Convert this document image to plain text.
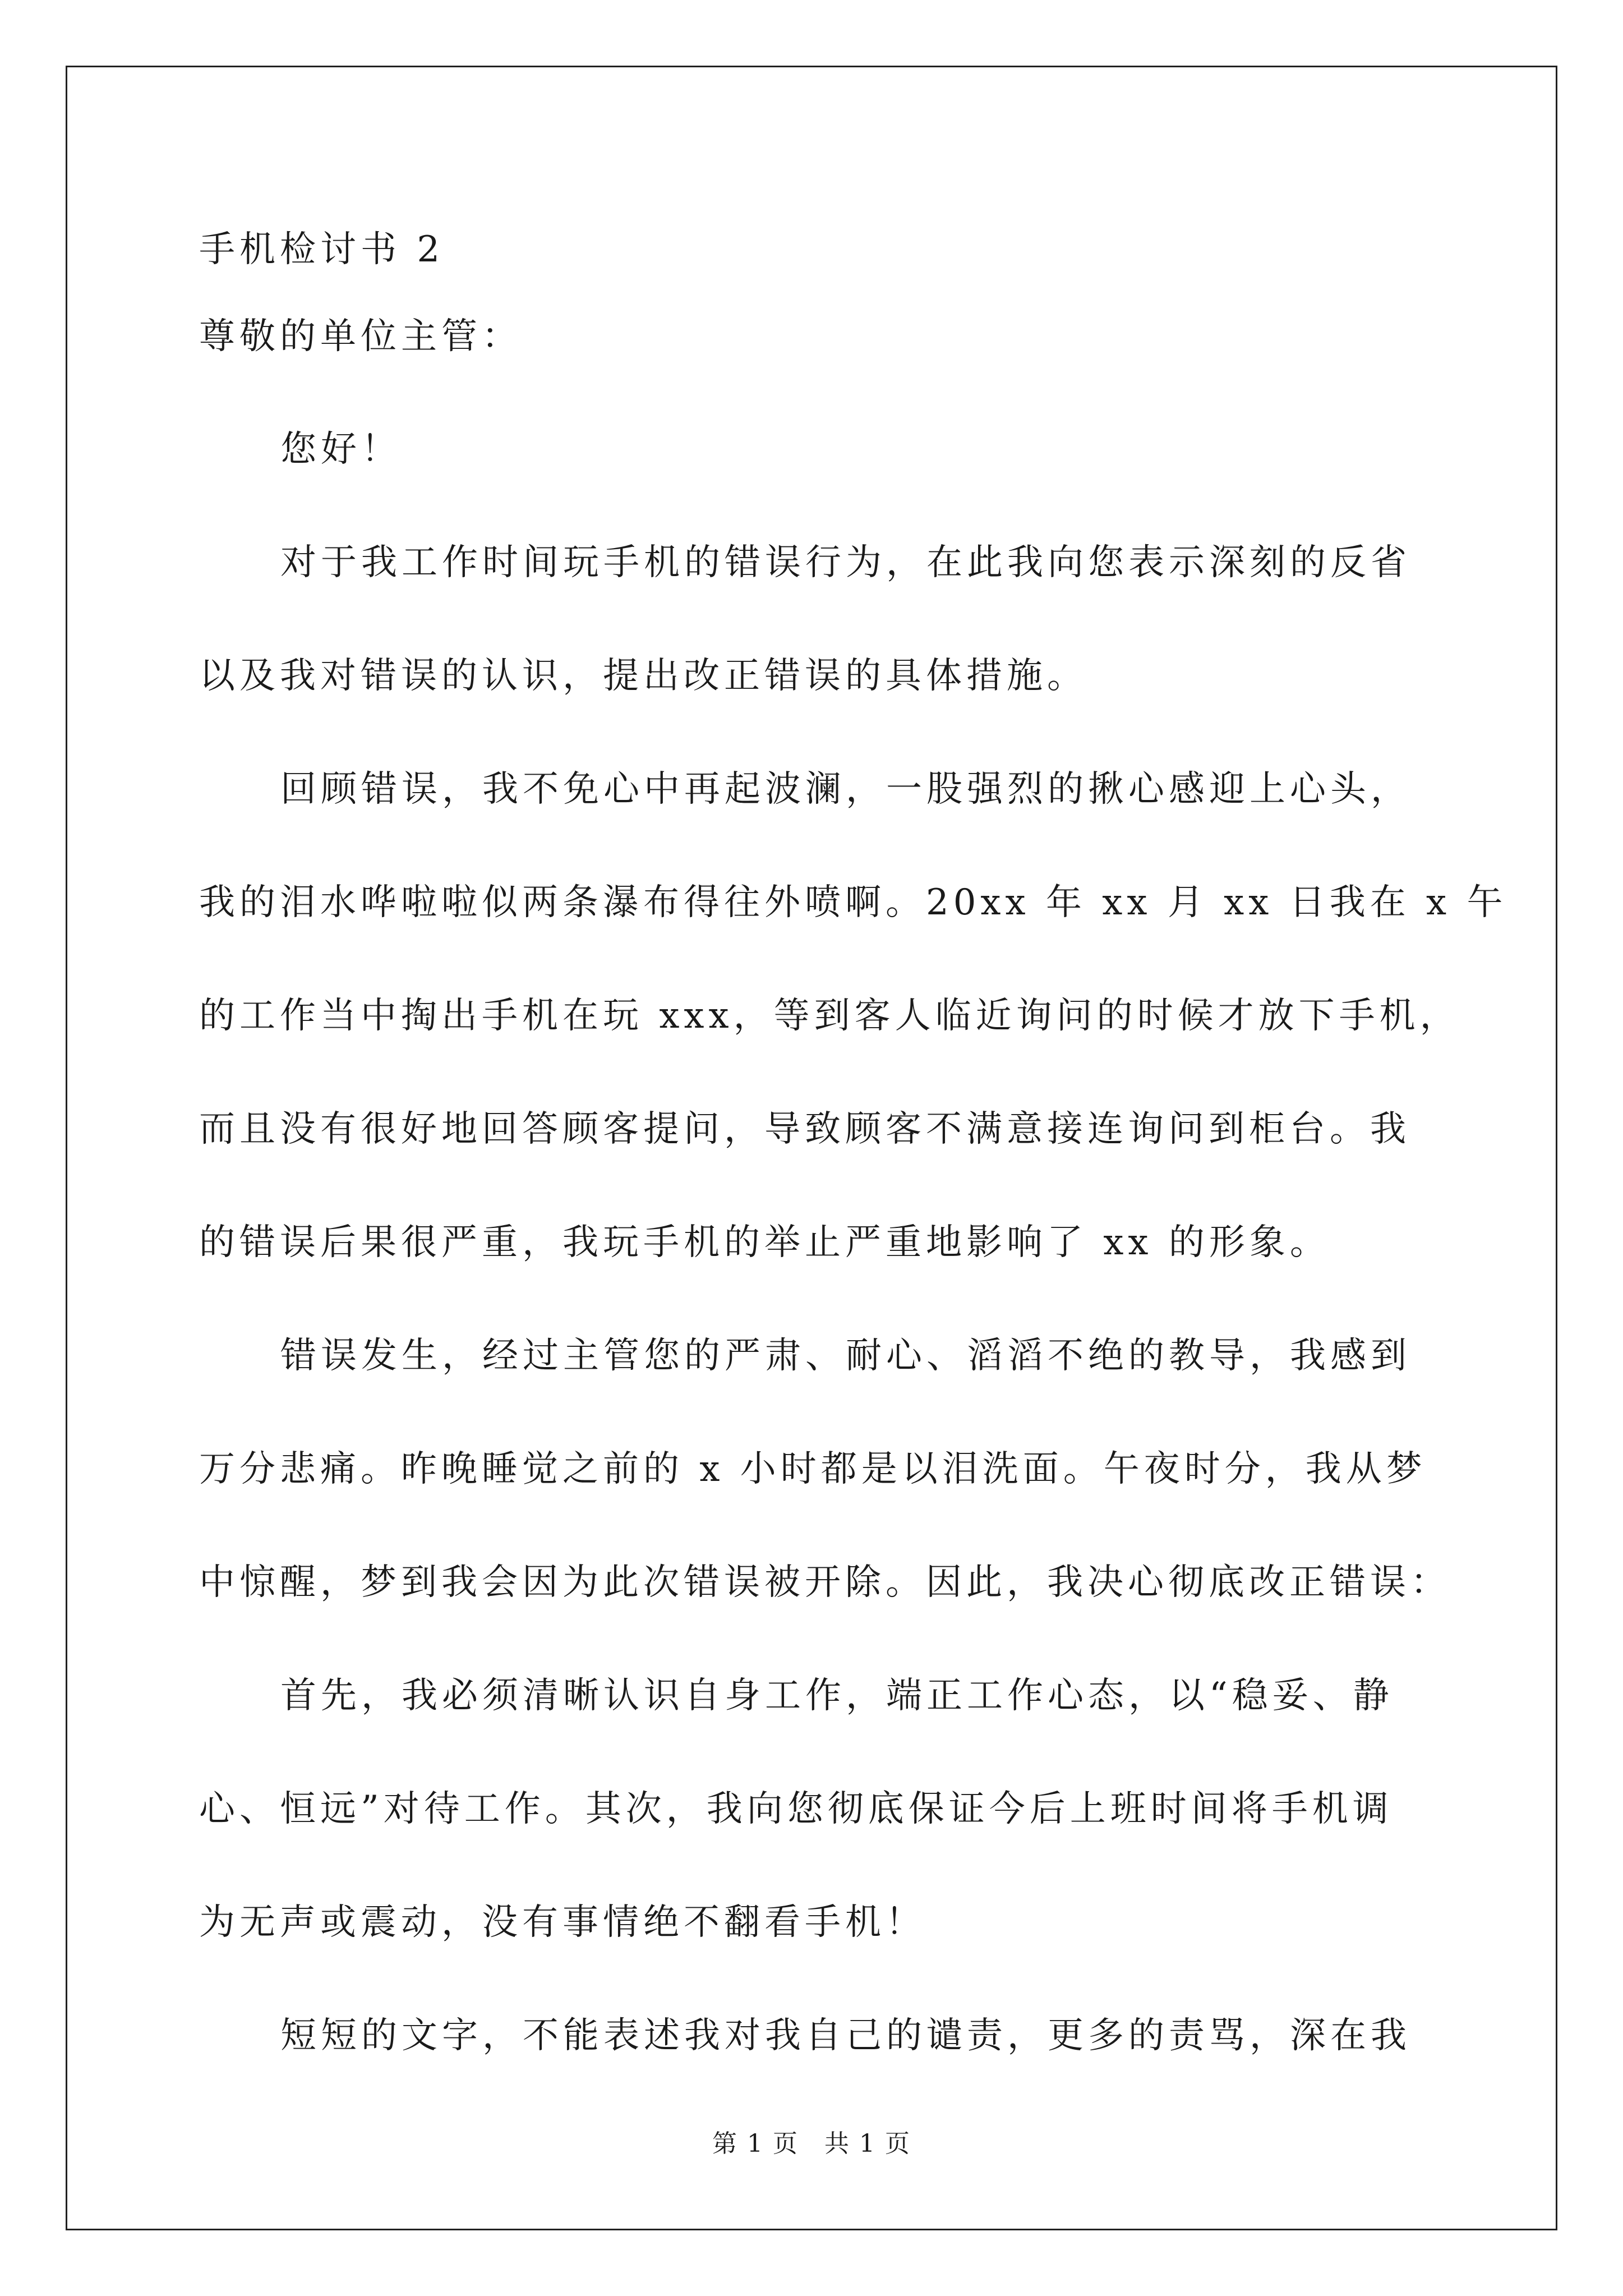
手机检讨书 2
尊敬的单位主管：
您好！
对于我工作时间玩手机的错误行为，在此我向您表示深刻的反省
以及我对错误的认识，提出改正错误的具体措施。
回顾错误，我不免心中再起波澜，一股强烈的揪心感迎上心头，
我的泪水哗啦啦似两条瀑布得往外喷啊。20xx 年 xx 月 xx 日我在 x 午
的工作当中掏出手机在玩 xxx，等到客人临近询问的时候才放下手机，
而且没有很好地回答顾客提问，导致顾客不满意接连询问到柜台。我
的错误后果很严重，我玩手机的举止严重地影响了 xx 的形象。
错误发生，经过主管您的严肃、耐心、滔滔不绝的教导，我感到
万分悲痛。昨晚睡觉之前的 x 小时都是以泪洗面。午夜时分，我从梦
中惊醒，梦到我会因为此次错误被开除。因此，我决心彻底改正错误：
首先，我必须清晰认识自身工作，端正工作心态，以“稳妥、静
心、恒远”对待工作。其次，我向您彻底保证今后上班时间将手机调
为无声或震动，没有事情绝不翻看手机！
短短的文字，不能表述我对我自己的谴责，更多的责骂，深在我
第 1 页　共 1 页
